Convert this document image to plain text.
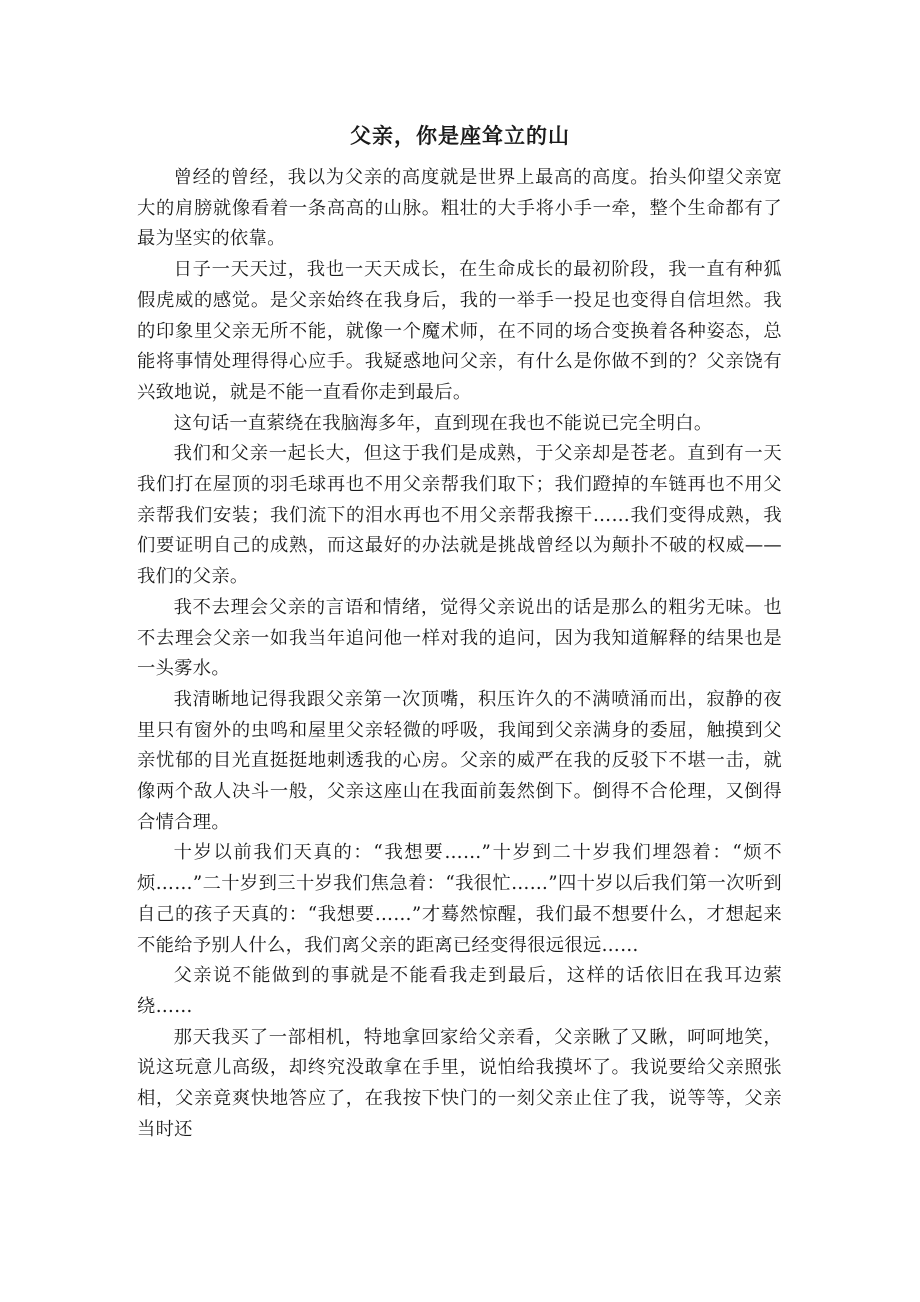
父亲，你是座耸立的山

曾经的曾经，我以为父亲的高度就是世界上最高的高度。抬头仰望父亲宽大的肩膀就像看着一条高高的山脉。粗壮的大手将小手一牵，整个生命都有了最为坚实的依靠。

日子一天天过，我也一天天成长，在生命成长的最初阶段，我一直有种狐假虎威的感觉。是父亲始终在我身后，我的一举手一投足也变得自信坦然。我的印象里父亲无所不能，就像一个魔术师，在不同的场合变换着各种姿态，总能将事情处理得得心应手。我疑惑地问父亲，有什么是你做不到的？父亲饶有兴致地说，就是不能一直看你走到最后。

这句话一直萦绕在我脑海多年，直到现在我也不能说已完全明白。

我们和父亲一起长大，但这于我们是成熟，于父亲却是苍老。直到有一天我们打在屋顶的羽毛球再也不用父亲帮我们取下；我们蹬掉的车链再也不用父亲帮我们安装；我们流下的泪水再也不用父亲帮我擦干……我们变得成熟，我们要证明自己的成熟，而这最好的办法就是挑战曾经以为颠扑不破的权威——我们的父亲。

我不去理会父亲的言语和情绪，觉得父亲说出的话是那么的粗劣无味。也不去理会父亲一如我当年追问他一样对我的追问，因为我知道解释的结果也是一头雾水。

我清晰地记得我跟父亲第一次顶嘴，积压许久的不满喷涌而出，寂静的夜里只有窗外的虫鸣和屋里父亲轻微的呼吸，我闻到父亲满身的委屈，触摸到父亲忧郁的目光直挺挺地刺透我的心房。父亲的威严在我的反驳下不堪一击，就像两个敌人决斗一般，父亲这座山在我面前轰然倒下。倒得不合伦理，又倒得合情合理。

十岁以前我们天真的：“我想要……”十岁到二十岁我们埋怨着：“烦不烦……”二十岁到三十岁我们焦急着：“我很忙……”四十岁以后我们第一次听到自己的孩子天真的：“我想要……”才蓦然惊醒，我们最不想要什么，才想起来不能给予别人什么，我们离父亲的距离已经变得很远很远……

父亲说不能做到的事就是不能看我走到最后，这样的话依旧在我耳边萦绕……

那天我买了一部相机，特地拿回家给父亲看，父亲瞅了又瞅，呵呵地笑，说这玩意儿高级，却终究没敢拿在手里，说怕给我摸坏了。我说要给父亲照张相，父亲竟爽快地答应了，在我按下快门的一刻父亲止住了我，说等等，父亲当时还
